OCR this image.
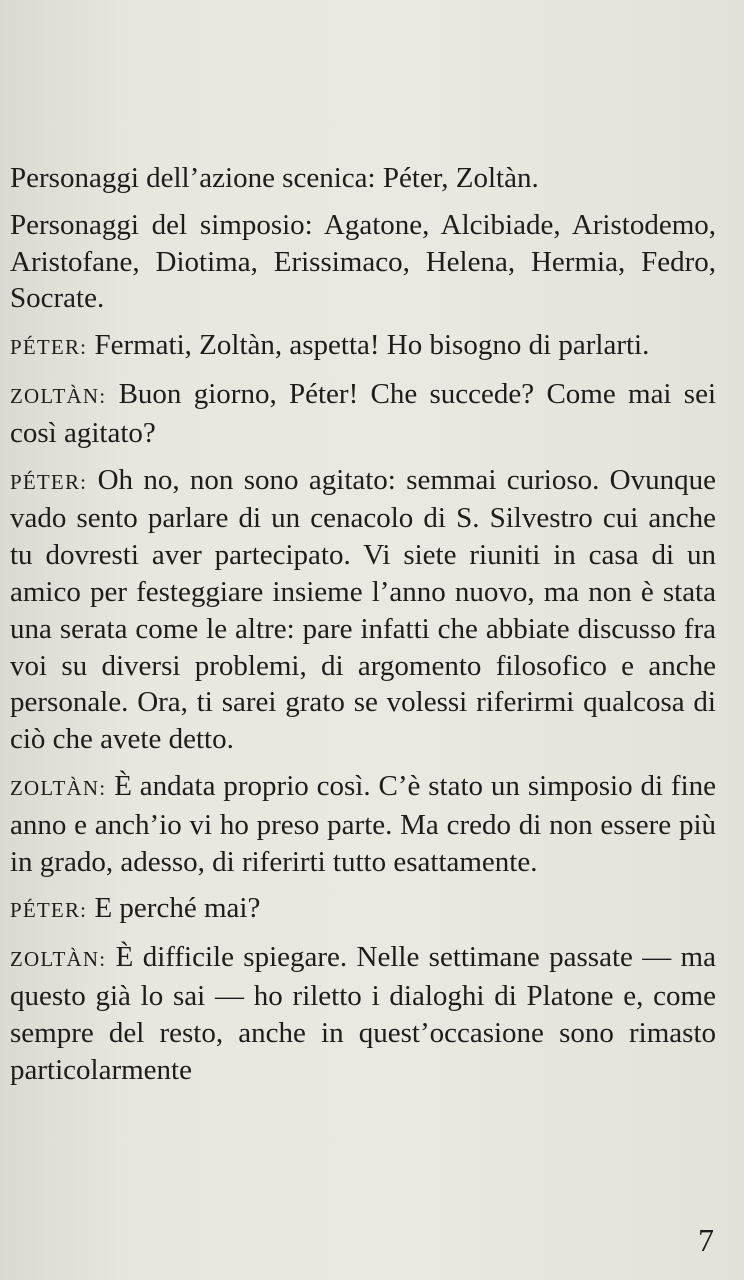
Personaggi dell’azione scenica: Péter, Zoltàn.

Personaggi del simposio: Agatone, Alcibiade, Aristodemo, Aristofane, Diotima, Erissimaco, Helena, Hermia, Fedro, Socrate.

PÉTER: Fermati, Zoltàn, aspetta! Ho bisogno di parlarti.

ZOLTÀN: Buon giorno, Péter! Che succede? Come mai sei così agitato?

PÉTER: Oh no, non sono agitato: semmai curioso. Ovunque vado sento parlare di un cenacolo di S. Silvestro cui anche tu dovresti aver partecipato. Vi siete riuniti in casa di un amico per festeggiare insieme l’anno nuovo, ma non è stata una serata come le altre: pare infatti che abbiate discusso fra voi su diversi problemi, di argomento filosofico e anche personale. Ora, ti sarei grato se volessi riferirmi qualcosa di ciò che avete detto.

ZOLTÀN: È andata proprio così. C’è stato un simposio di fine anno e anch’io vi ho preso parte. Ma credo di non essere più in grado, adesso, di riferirti tutto esattamente.

PÉTER: E perché mai?

ZOLTÀN: È difficile spiegare. Nelle settimane passate — ma questo già lo sai — ho riletto i dialoghi di Platone e, come sempre del resto, anche in quest’occasione sono rimasto particolarmente

7
